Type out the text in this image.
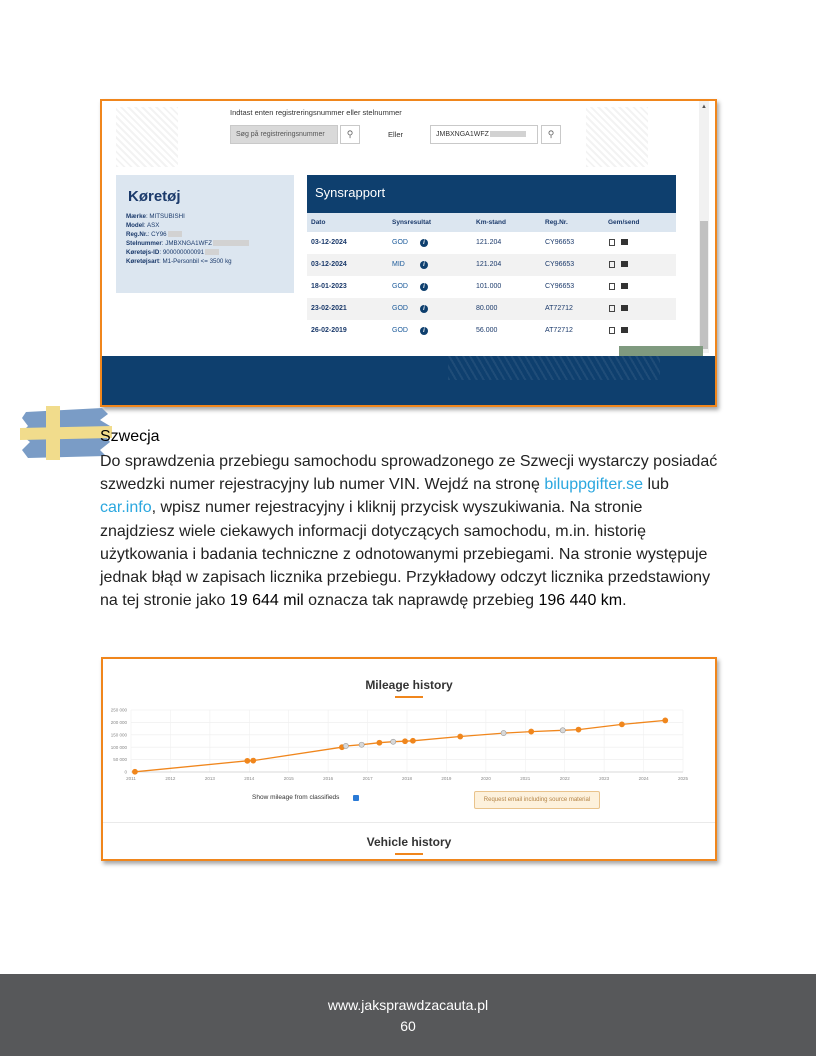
Indtast enten registreringsnummer eller stelnummer
Søg på registreringsnummer	⚲	Eller	JMBXNGA1WFZ	⚲
Køretøj
Mærke: MITSUBISHI
Model: ASX
Reg.Nr.: CY96
Stelnummer: JMBXNGA1WFZ
Køretøjs-ID: 900000000091
Køretøjsart: M1-Personbil <= 3500 kg
Synsrapport
Dato	Synsresultat	Km-stand	Reg.Nr.	Gem/send
03-12-2024	GOD	i	121.204	CY96653
03-12-2024	MID	i	121.204	CY96653
18-01-2023	GOD	i	101.000	CY96653
23-02-2021	GOD	i	80.000	AT72712
26-02-2019	GOD	i	56.000	AT72712
▲
Szwecja

Do sprawdzenia przebiegu samochodu sprowadzonego ze Szwecji wystarczy posiadać szwedzki numer rejestracyjny lub numer VIN. Wejdź na stronę biluppgifter.se lub car.info, wpisz numer rejestracyjny i kliknij przycisk wyszukiwania. Na stronie znajdziesz wiele ciekawych informacji dotyczących samochodu, m.in. historię użytkowania i badania techniczne z odnotowanymi przebiegami. Na stronie występuje jednak błąd w zapisach licznika przebiegu. Przykładowy odczyt licznika przedstawiony na tej stronie jako 19 644 mil oznacza tak naprawdę przebieg 196 440 km.

Mileage history
0
50 000
100 000
150 000
200 000
250 000
2011	2012	2013	2014	2015	2016	2017	2018	2019	2020	2021	2022	2023	2024	2025
Show mileage from classifieds	Request email including source material
Vehicle history
www.jaksprawdzacauta.pl
60
